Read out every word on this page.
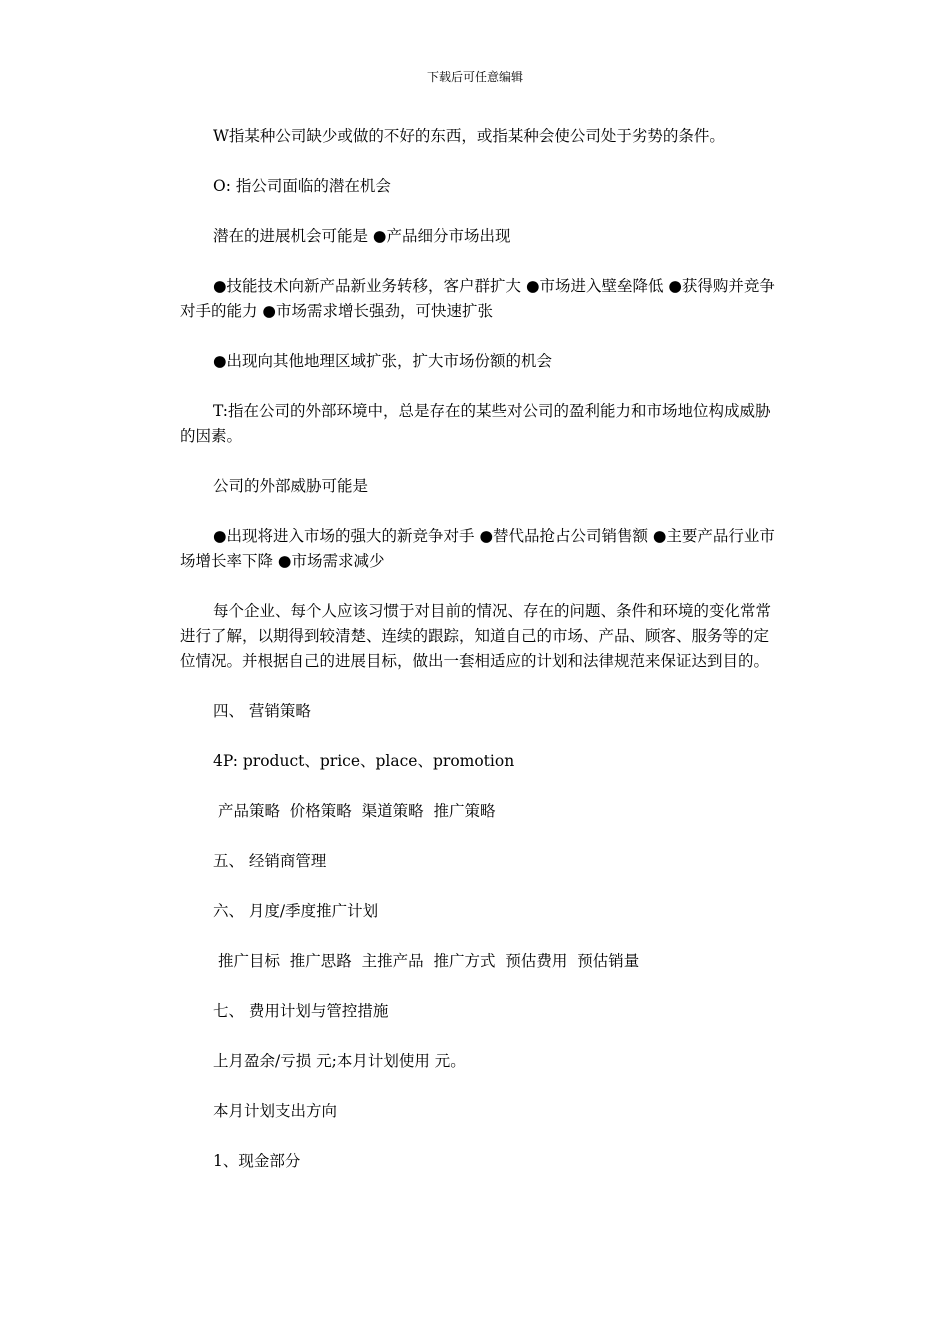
下载后可任意编辑

W指某种公司缺少或做的不好的东西，或指某种会使公司处于劣势的条件。

O: 指公司面临的潜在机会

潜在的进展机会可能是 ●产品细分市场出现

●技能技术向新产品新业务转移，客户群扩大 ●市场进入壁垒降低 ●获得购并竞争对手的能力 ●市场需求增长强劲，可快速扩张

●出现向其他地理区域扩张，扩大市场份额的机会

T:指在公司的外部环境中，总是存在的某些对公司的盈利能力和市场地位构成威胁的因素。

公司的外部威胁可能是

●出现将进入市场的强大的新竞争对手 ●替代品抢占公司销售额 ●主要产品行业市场增长率下降 ●市场需求减少

每个企业、每个人应该习惯于对目前的情况、存在的问题、条件和环境的变化常常进行了解，以期得到较清楚、连续的跟踪，知道自己的市场、产品、顾客、服务等的定位情况。并根据自己的进展目标，做出一套相适应的计划和法律规范来保证达到目的。

四、 营销策略

4P: product、price、place、promotion

产品策略  价格策略  渠道策略  推广策略

五、 经销商管理

六、 月度/季度推广计划

推广目标  推广思路  主推产品  推广方式  预估费用  预估销量

七、 费用计划与管控措施

上月盈余/亏损 元;本月计划使用 元。

本月计划支出方向

1、现金部分
